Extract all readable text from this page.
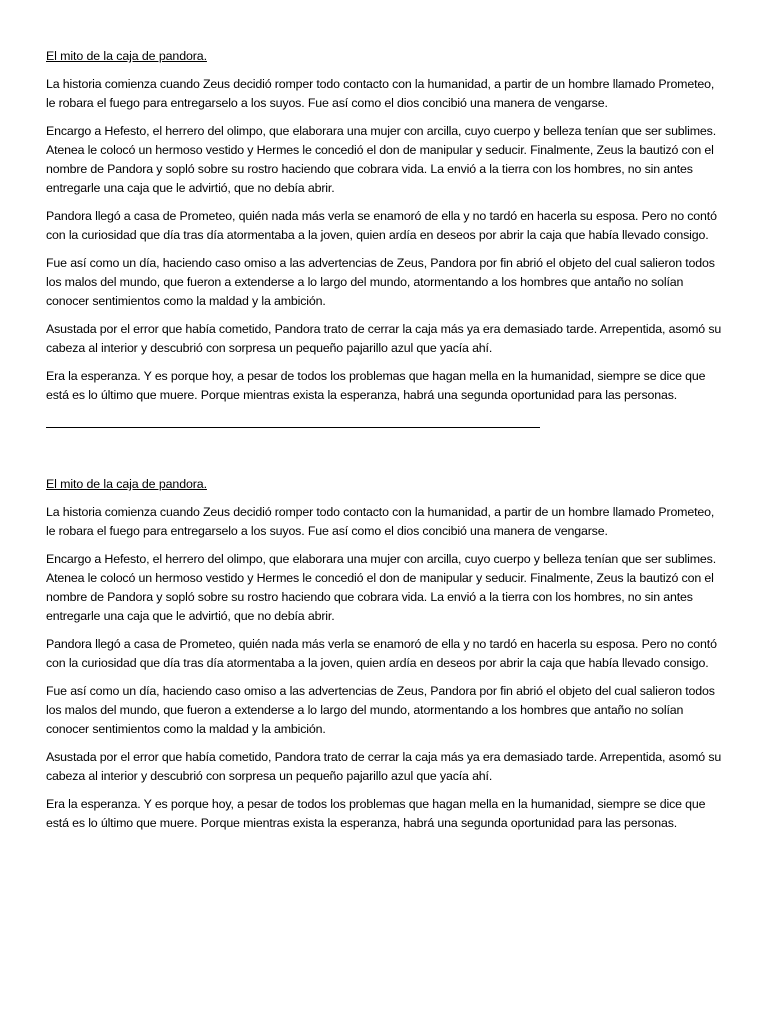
El mito de la caja de pandora.

La historia comienza cuando Zeus decidió romper todo contacto con la humanidad, a partir de un hombre llamado Prometeo, le robara el fuego para entregarselo a los suyos. Fue así como el dios concibió una manera de vengarse.

Encargo a Hefesto, el herrero del olimpo, que elaborara una mujer con arcilla, cuyo cuerpo y belleza tenían que ser sublimes. Atenea le colocó un hermoso vestido y Hermes le concedió el don de manipular y seducir. Finalmente, Zeus la bautizó con el nombre de Pandora y sopló sobre su rostro haciendo que cobrara vida. La envió a la tierra con los hombres, no sin antes entregarle una caja que le advirtió, que no debía abrir.

Pandora llegó a casa de Prometeo, quién nada más verla se enamoró de ella y no tardó en hacerla su esposa. Pero no contó con la curiosidad que día tras día atormentaba a la joven, quien ardía en deseos por abrir la caja que había llevado consigo.

Fue así como un día, haciendo caso omiso a las advertencias de Zeus, Pandora por fin abrió el objeto del cual salieron todos los malos del mundo, que fueron a extenderse a lo largo del mundo, atormentando a los hombres que antaño no solían conocer sentimientos como la maldad y la ambición.

Asustada por el error que había cometido, Pandora trato de cerrar la caja más ya era demasiado tarde. Arrepentida, asomó su cabeza al interior y descubrió con sorpresa un pequeño pajarillo azul que yacía ahí.

Era la esperanza. Y es porque hoy, a pesar de todos los problemas que hagan mella en la humanidad, siempre se dice que está es lo último que muere. Porque mientras exista la esperanza, habrá una segunda oportunidad para las personas.

El mito de la caja de pandora.

La historia comienza cuando Zeus decidió romper todo contacto con la humanidad, a partir de un hombre llamado Prometeo, le robara el fuego para entregarselo a los suyos. Fue así como el dios concibió una manera de vengarse.

Encargo a Hefesto, el herrero del olimpo, que elaborara una mujer con arcilla, cuyo cuerpo y belleza tenían que ser sublimes. Atenea le colocó un hermoso vestido y Hermes le concedió el don de manipular y seducir. Finalmente, Zeus la bautizó con el nombre de Pandora y sopló sobre su rostro haciendo que cobrara vida. La envió a la tierra con los hombres, no sin antes entregarle una caja que le advirtió, que no debía abrir.

Pandora llegó a casa de Prometeo, quién nada más verla se enamoró de ella y no tardó en hacerla su esposa. Pero no contó con la curiosidad que día tras día atormentaba a la joven, quien ardía en deseos por abrir la caja que había llevado consigo.

Fue así como un día, haciendo caso omiso a las advertencias de Zeus, Pandora por fin abrió el objeto del cual salieron todos los malos del mundo, que fueron a extenderse a lo largo del mundo, atormentando a los hombres que antaño no solían conocer sentimientos como la maldad y la ambición.

Asustada por el error que había cometido, Pandora trato de cerrar la caja más ya era demasiado tarde. Arrepentida, asomó su cabeza al interior y descubrió con sorpresa un pequeño pajarillo azul que yacía ahí.

Era la esperanza. Y es porque hoy, a pesar de todos los problemas que hagan mella en la humanidad, siempre se dice que está es lo último que muere. Porque mientras exista la esperanza, habrá una segunda oportunidad para las personas.
